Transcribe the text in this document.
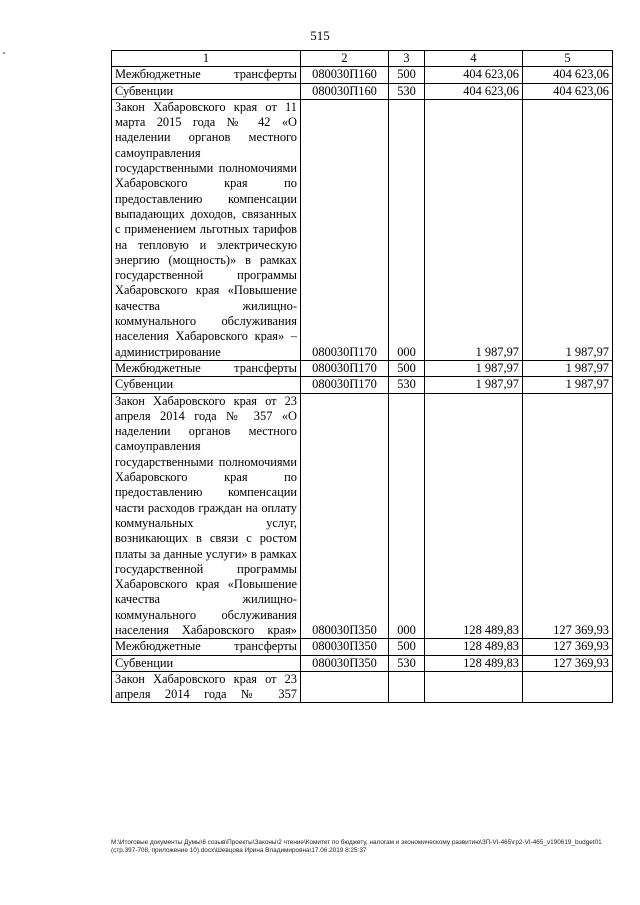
515
1	2	3	4	5
Межбюджетные трансферты	080030П160	500	404 623,06	404 623,06
Субвенции	080030П160	530	404 623,06	404 623,06
Закон Хабаровского края от 11 марта 2015 года № 42 «О наделении органов местного самоуправления государственными полномочиями Хабаровского края по предоставлению компенсации выпадающих доходов, связанных с применением льготных тарифов на тепловую и электрическую энергию (мощность)» в рамках государственной программы Хабаровского края «Повышение качества жилищно-коммунального обслуживания населения Хабаровского края» – администрирование	080030П170	000	1 987,97	1 987,97
Межбюджетные трансферты	080030П170	500	1 987,97	1 987,97
Субвенции	080030П170	530	1 987,97	1 987,97
Закон Хабаровского края от 23 апреля 2014 года № 357 «О наделении органов местного самоуправления государственными полномочиями Хабаровского края по предоставлению компенсации части расходов граждан на оплату коммунальных услуг, возникающих в связи с ростом платы за данные услуги» в рамках государственной программы Хабаровского края «Повышение качества жилищно-коммунального обслуживания населения Хабаровского края»	080030П350	000	128 489,83	127 369,93
Межбюджетные трансферты	080030П350	500	128 489,83	127 369,93
Субвенции	080030П350	530	128 489,83	127 369,93
Закон Хабаровского края от 23 апреля 2014 года № 357				
М:\Итоговые документы Думы\6 созыв\Проекты\Законы\2 чтение\Комитет по бюджету, налогам и экономическому развитию\ЗП-VI-465\гр2-VI-465_v190619_budget01 (стр.397-708, приложение 10).docx\Шевцова Ирина Владимировна\17.06.2019 8:25:37
